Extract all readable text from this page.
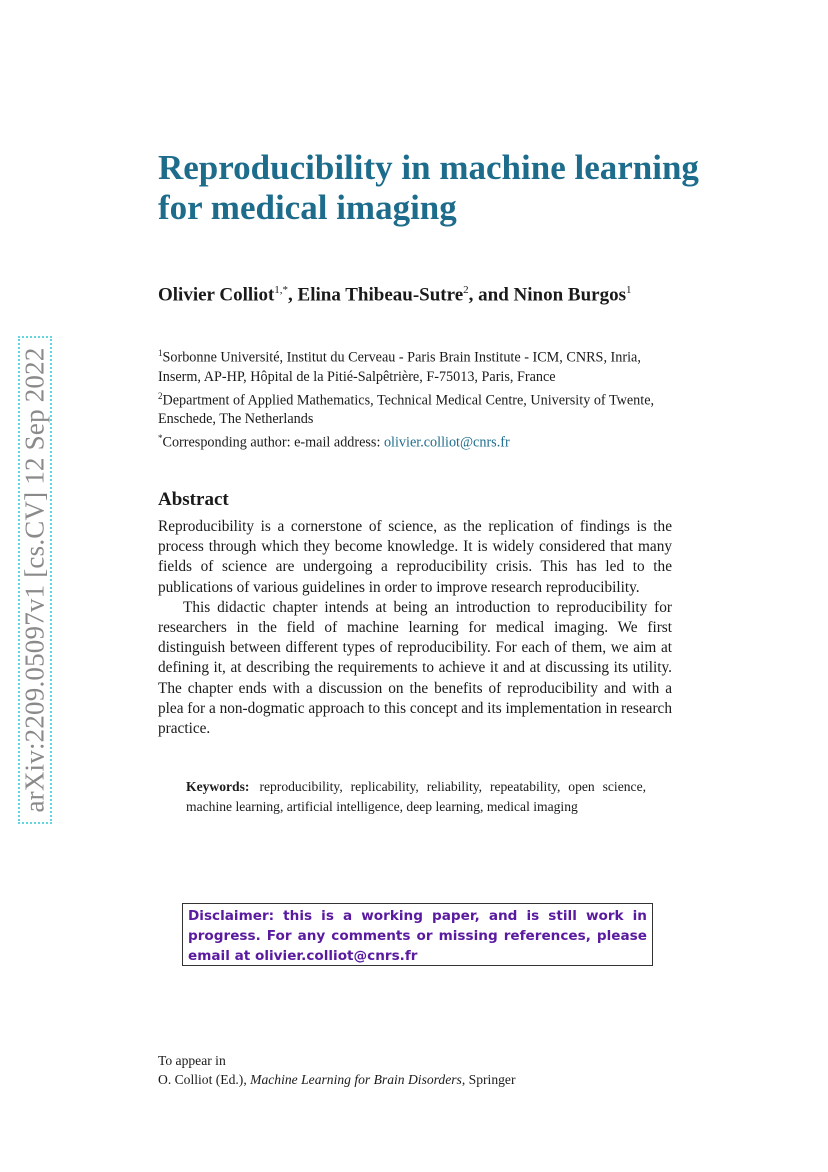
arXiv:2209.05097v1 [cs.CV] 12 Sep 2022
Reproducibility in machine learning for medical imaging
Olivier Colliot$^{1,*}$, Elina Thibeau-Sutre$^2$, and Ninon Burgos$^1$

$^1$Sorbonne Université, Institut du Cerveau - Paris Brain Institute - ICM, CNRS, Inria, Inserm, AP-HP, Hôpital de la Pitié-Salpêtrière, F-75013, Paris, France

$^2$Department of Applied Mathematics, Technical Medical Centre, University of Twente, Enschede, The Netherlands

*Corresponding author: e-mail address: olivier.colliot@cnrs.fr

Abstract

Reproducibility is a cornerstone of science, as the replication of findings is the process through which they become knowledge. It is widely considered that many fields of science are undergoing a reproducibility crisis. This has led to the publications of various guidelines in order to improve research reproducibility.

This didactic chapter intends at being an introduction to reproducibility for researchers in the field of machine learning for medical imaging. We first distinguish between different types of reproducibility. For each of them, we aim at defining it, at describing the requirements to achieve it and at discussing its utility. The chapter ends with a discussion on the benefits of reproducibility and with a plea for a non-dogmatic approach to this concept and its implementation in research practice.

Keywords: reproducibility, replicability, reliability, repeatability, open science, machine learning, artificial intelligence, deep learning, medical imaging
Disclaimer: this is a working paper, and is still work in progress. For any comments or missing references, please email at olivier.colliot@cnrs.fr

To appear in

O. Colliot (Ed.), Machine Learning for Brain Disorders, Springer
